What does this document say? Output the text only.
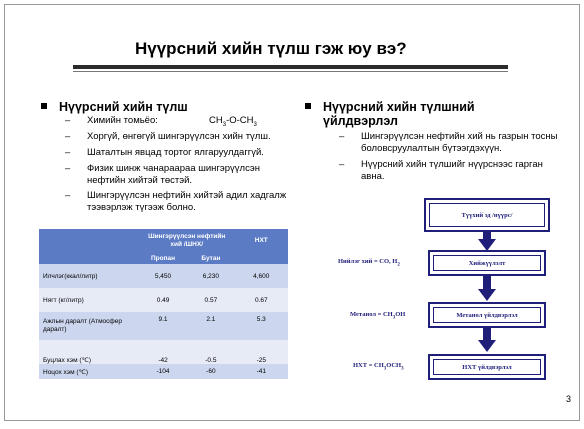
Нүүрсний хийн түлш гэж юу вэ?
Нүүрсний хийн түлш
– Химийн томьёо:	$CH_3-O-CH_3$
– Хоргүй, өнгөгүй шингэрүүлсэн хийн түлш.
– Шаталтын явцад тортог ялгаруулдаггүй.
– Физик шинж чанараараа шингэрүүлсэн
нефтийн хийтэй төстэй.
– Шингэрүүлсэн нефтийн хийтэй адил хадгалж
тээвэрлэж түгээж болно.
	Шингэрүүлсэн нефтийн хий /ШНХ/		НХТ
	Пропан	Бутан	
Илчлэг(ккал/литр)	5,450	6,230	4,600
Нягт (кг/литр)	0.49	0.57	0.67
Ажлын даралт (Атмосфер даралт)	9.1	2.1	5.3
Буцлах хэм (℃)	-42	-0.5	-25
Ноцох хэм (℃)	-104	-60	-41
Нүүрсний хийн түлшний
үйлдвэрлэл
– Шингэрүүлсэн нефтийн хий нь газрын тосны
боловсруулалтын бүтээгдэхүүн.
– Нүүрсний хийн түлшийг нүүрснээс гарган
авна.
Түүхий эд /нүүрс/
Хийжүүлэлт
Метанол үйлдвэрлэл
НХТ үйлдвэрлэл
Нийлэг хий = CO, $H_2$
Метанол = $CH_3OH$
НХТ = $CH_3OCH_3$
3
